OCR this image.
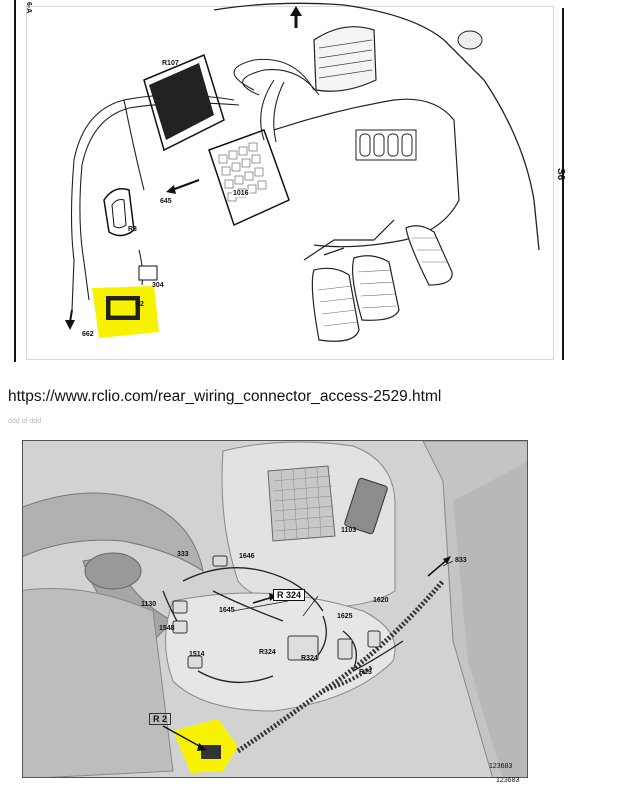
6-A
S6
R107
1016
645
R3
304
R2
662
https://www.rclio.com/rear_wiring_connector_access-2529.html
ddd of ddd
333	1646
1103
833
1130
1645
R 324
1625
1620
1548
1514	R324
R324
R13
R 2
123683
123683
